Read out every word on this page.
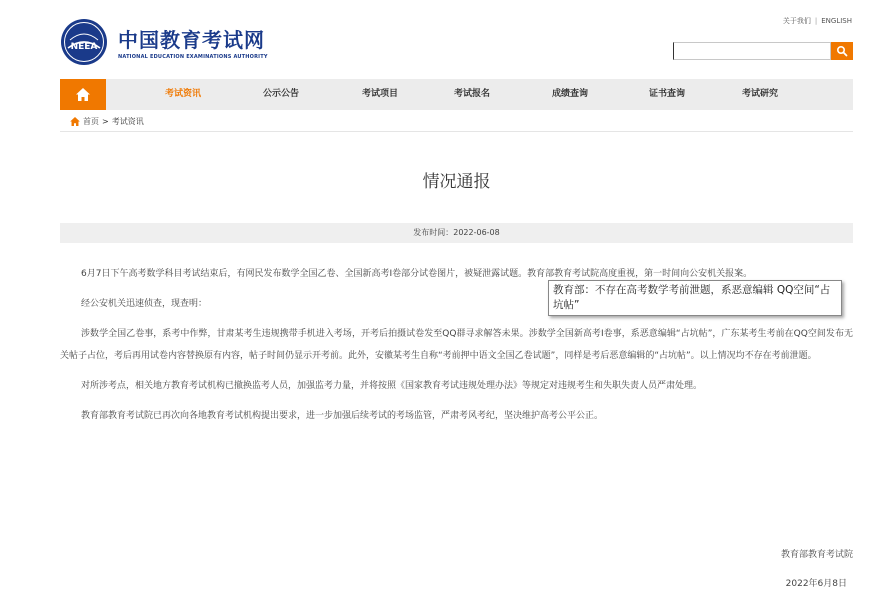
NEEA 中国教育考试网
NATIONAL EDUCATION EXAMINATIONS AUTHORITY
关于我们 | ENGLISH
考试资讯	公示公告	考试项目	考试报名	成绩查询	证书查询	考试研究
首页 > 考试资讯
情况通报
发布时间：2022-06-08

6月7日下午高考数学科目考试结束后，有网民发布数学全国乙卷、全国新高考I卷部分试卷图片，被疑泄露试题。教育部教育考试院高度重视，第一时间向公安机关报案。

经公安机关迅速侦查，现查明：

涉数学全国乙卷事，系考中作弊，甘肃某考生违规携带手机进入考场，开考后拍摄试卷发至QQ群寻求解答未果。涉数学全国新高考I卷事，系恶意编辑“占坑帖”，广东某考生考前在QQ空间发布无关帖子占位，考后再用试卷内容替换原有内容，帖子时间仍显示开考前。此外，安徽某考生自称“考前押中语文全国乙卷试题”，同样是考后恶意编辑的“占坑帖”。以上情况均不存在考前泄题。

对所涉考点，相关地方教育考试机构已撤换监考人员，加强监考力量，并将按照《国家教育考试违规处理办法》等规定对违规考生和失职失责人员严肃处理。

教育部教育考试院已再次向各地教育考试机构提出要求，进一步加强后续考试的考场监管，严肃考风考纪，坚决维护高考公平公正。

教育部教育考试院
2022年6月8日
教育部：不存在高考数学考前泄题，系恶意编辑 QQ空间“占坑帖”
